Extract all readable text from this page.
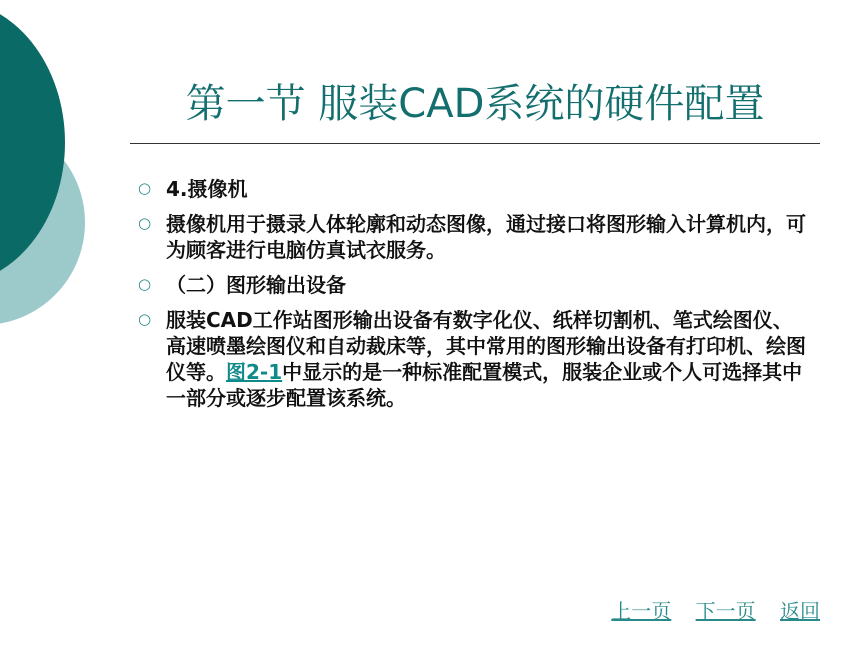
第一节 服装CAD系统的硬件配置
○ 4.摄像机
○ 摄像机用于摄录人体轮廓和动态图像，通过接口将图形输入计算机内，可为顾客进行电脑仿真试衣服务。
○ （二）图形输出设备
○ 服装CAD工作站图形输出设备有数字化仪、纸样切割机、笔式绘图仪、高速喷墨绘图仪和自动裁床等，其中常用的图形输出设备有打印机、绘图仪等。图2-1中显示的是一种标准配置模式，服装企业或个人可选择其中一部分或逐步配置该系统。
上一页 下一页 返回
